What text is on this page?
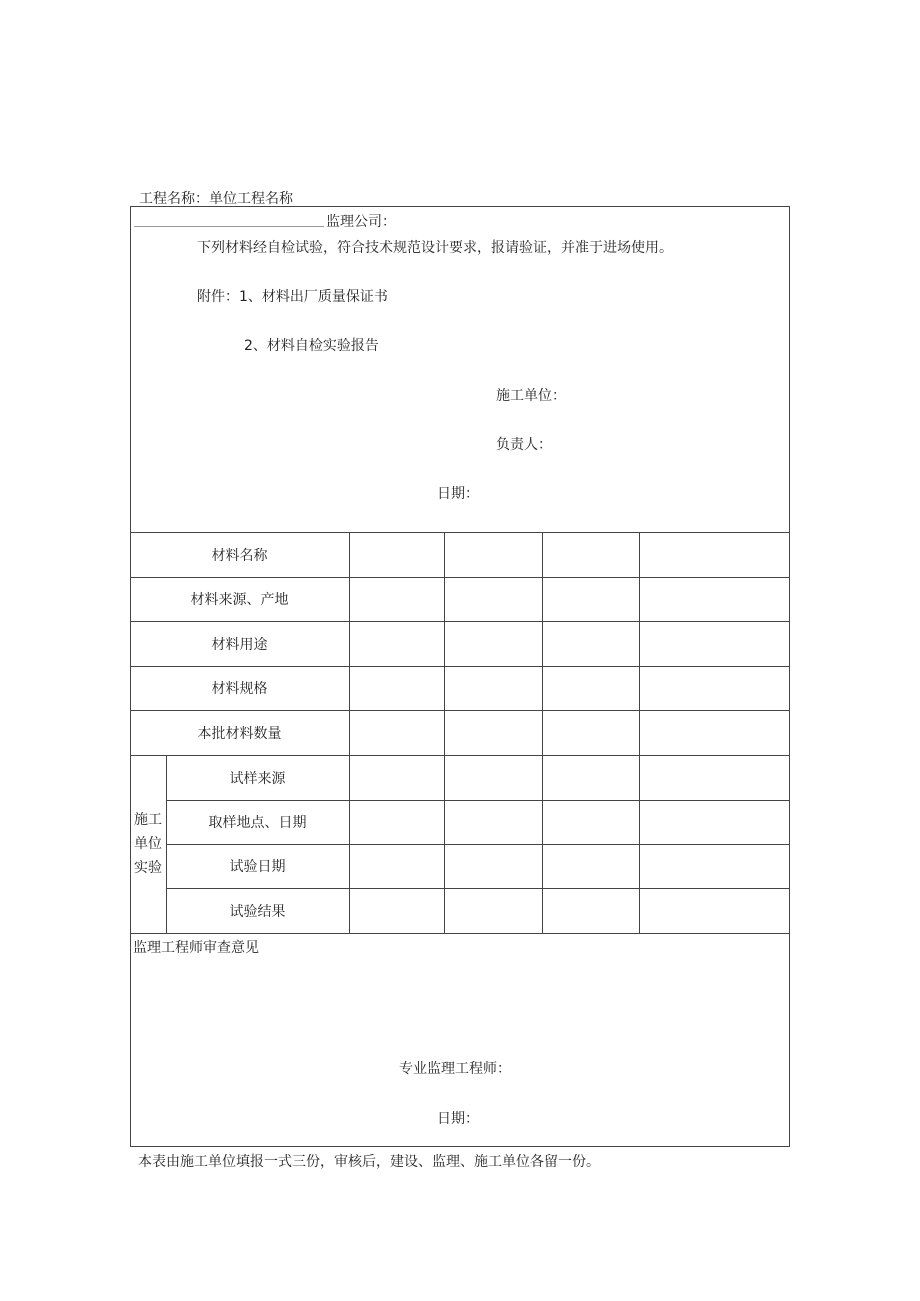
工程名称：单位工程名称
监理公司：
下列材料经自检试验，符合技术规范设计要求，报请验证，并准于进场使用。
附件：1、材料出厂质量保证书
2、材料自检实验报告
施工单位：
负责人：
日期：
材料名称
材料来源、产地
材料用途
材料规格
本批材料数量
施工
单位
实验
试样来源
取样地点、日期
试验日期
试验结果
监理工程师审查意见
专业监理工程师：
日期：
本表由施工单位填报一式三份，审核后，建设、监理、施工单位各留一份。
